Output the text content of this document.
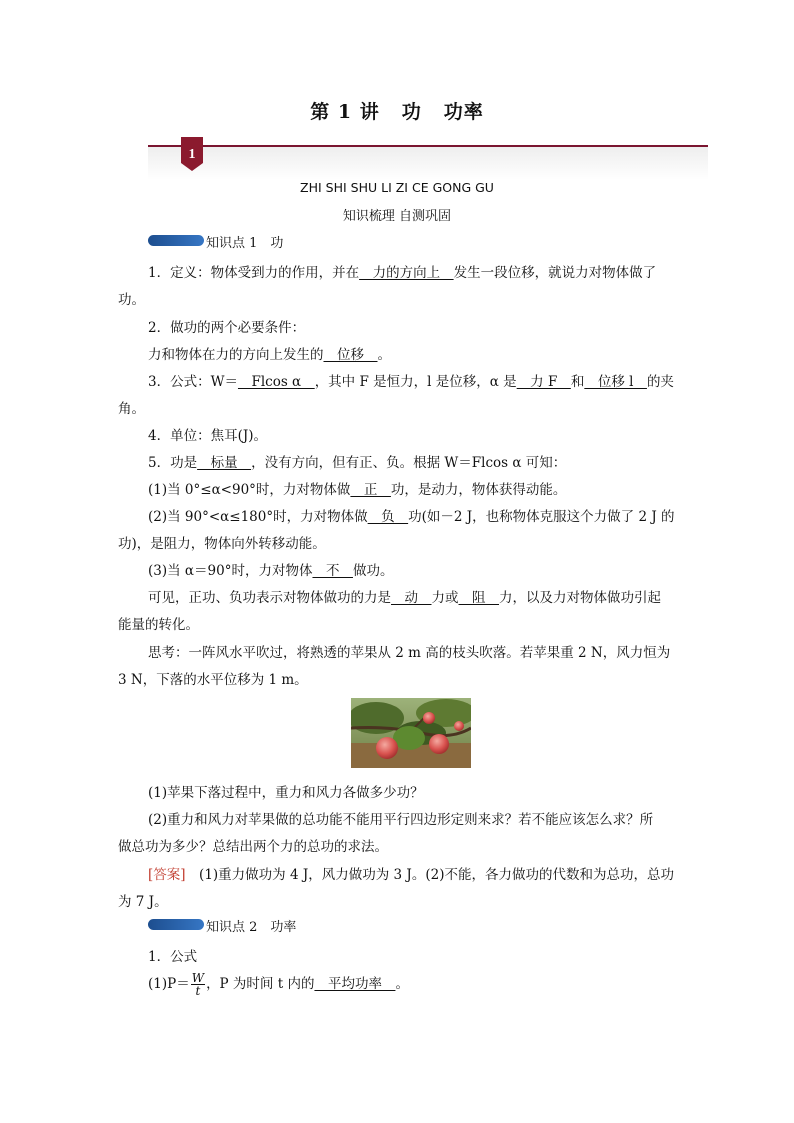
第 1 讲 功 功率
1
ZHI SHI SHU LI ZI CE GONG GU
知识梳理 自测巩固
知识点 1　功
1．定义：物体受到力的作用，并在　力的方向上　发生一段位移，就说力对物体做了
功。
2．做功的两个必要条件：
力和物体在力的方向上发生的　位移　。
3．公式：W＝　Flcos α　，其中 F 是恒力，l 是位移，α 是　力 F　和　位移 l　的夹
角。
4．单位：焦耳(J)。
5．功是　标量　，没有方向，但有正、负。根据 W＝Flcos α 可知：
(1)当 0°≤α<90°时，力对物体做　正　功，是动力，物体获得动能。
(2)当 90°<α≤180°时，力对物体做　负　功(如－2 J，也称物体克服这个力做了 2 J 的
功)，是阻力，物体向外转移动能。
(3)当 α＝90°时，力对物体　不　做功。
可见，正功、负功表示对物体做功的力是　动　力或　阻　力，以及力对物体做功引起
能量的转化。
思考：一阵风水平吹过，将熟透的苹果从 2 m 高的枝头吹落。若苹果重 2 N，风力恒为
3 N，下落的水平位移为 1 m。
(1)苹果下落过程中，重力和风力各做多少功？
(2)重力和风力对苹果做的总功能不能用平行四边形定则来求？若不能应该怎么求？所
做总功为多少？总结出两个力的总功的求法。
[答案]　(1)重力做功为 4 J，风力做功为 3 J。(2)不能，各力做功的代数和为总功，总功
为 7 J。
知识点 2　功率
1．公式
$(1)P= \frac{W}{t}$ ，P 为时间 t 内的　平均功率　。
